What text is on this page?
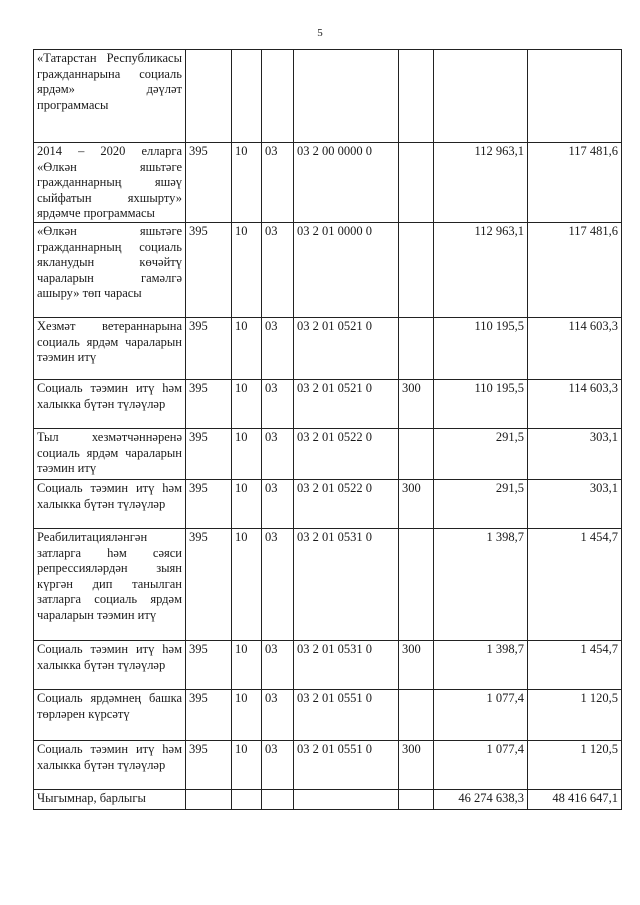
5
«Татарстан Республикасы гражданнарына социаль ярдәм» дәүләт программасы							
2014 – 2020 елларга «Өлкән яшьтәге гражданнарның яшәү сыйфатын яхшырту» ярдәмче программасы	395	10	03	03 2 00 0000 0		112 963,1	117 481,6
«Өлкән яшьтәге гражданнарның социаль якланудын көчәйтү чараларын гамәлгә ашыру» төп чарасы	395	10	03	03 2 01 0000 0		112 963,1	117 481,6
Хезмәт ветераннарына социаль ярдәм чараларын тәэмин итү	395	10	03	03 2 01 0521 0		110 195,5	114 603,3
Социаль тәэмин итү һәм халыкка бүтән түләүләр	395	10	03	03 2 01 0521 0	300	110 195,5	114 603,3
Тыл хезмәтчәннәренә социаль ярдәм чараларын тәэмин итү	395	10	03	03 2 01 0522 0		291,5	303,1
Социаль тәэмин итү һәм халыкка бүтән түләүләр	395	10	03	03 2 01 0522 0	300	291,5	303,1
Реабилитацияләнгән затларга һәм сәяси репрессияләрдән зыян күргән дип танылган затларга социаль ярдәм чараларын тәэмин итү	395	10	03	03 2 01 0531 0		1 398,7	1 454,7
Социаль тәэмин итү һәм халыкка бүтән түләүләр	395	10	03	03 2 01 0531 0	300	1 398,7	1 454,7
Социаль ярдәмнең башка төрләрен күрсәтү	395	10	03	03 2 01 0551 0		1 077,4	1 120,5
Социаль тәэмин итү һәм халыкка бүтән түләүләр	395	10	03	03 2 01 0551 0	300	1 077,4	1 120,5
Чыгымнар, барлыгы						46 274 638,3	48 416 647,1
